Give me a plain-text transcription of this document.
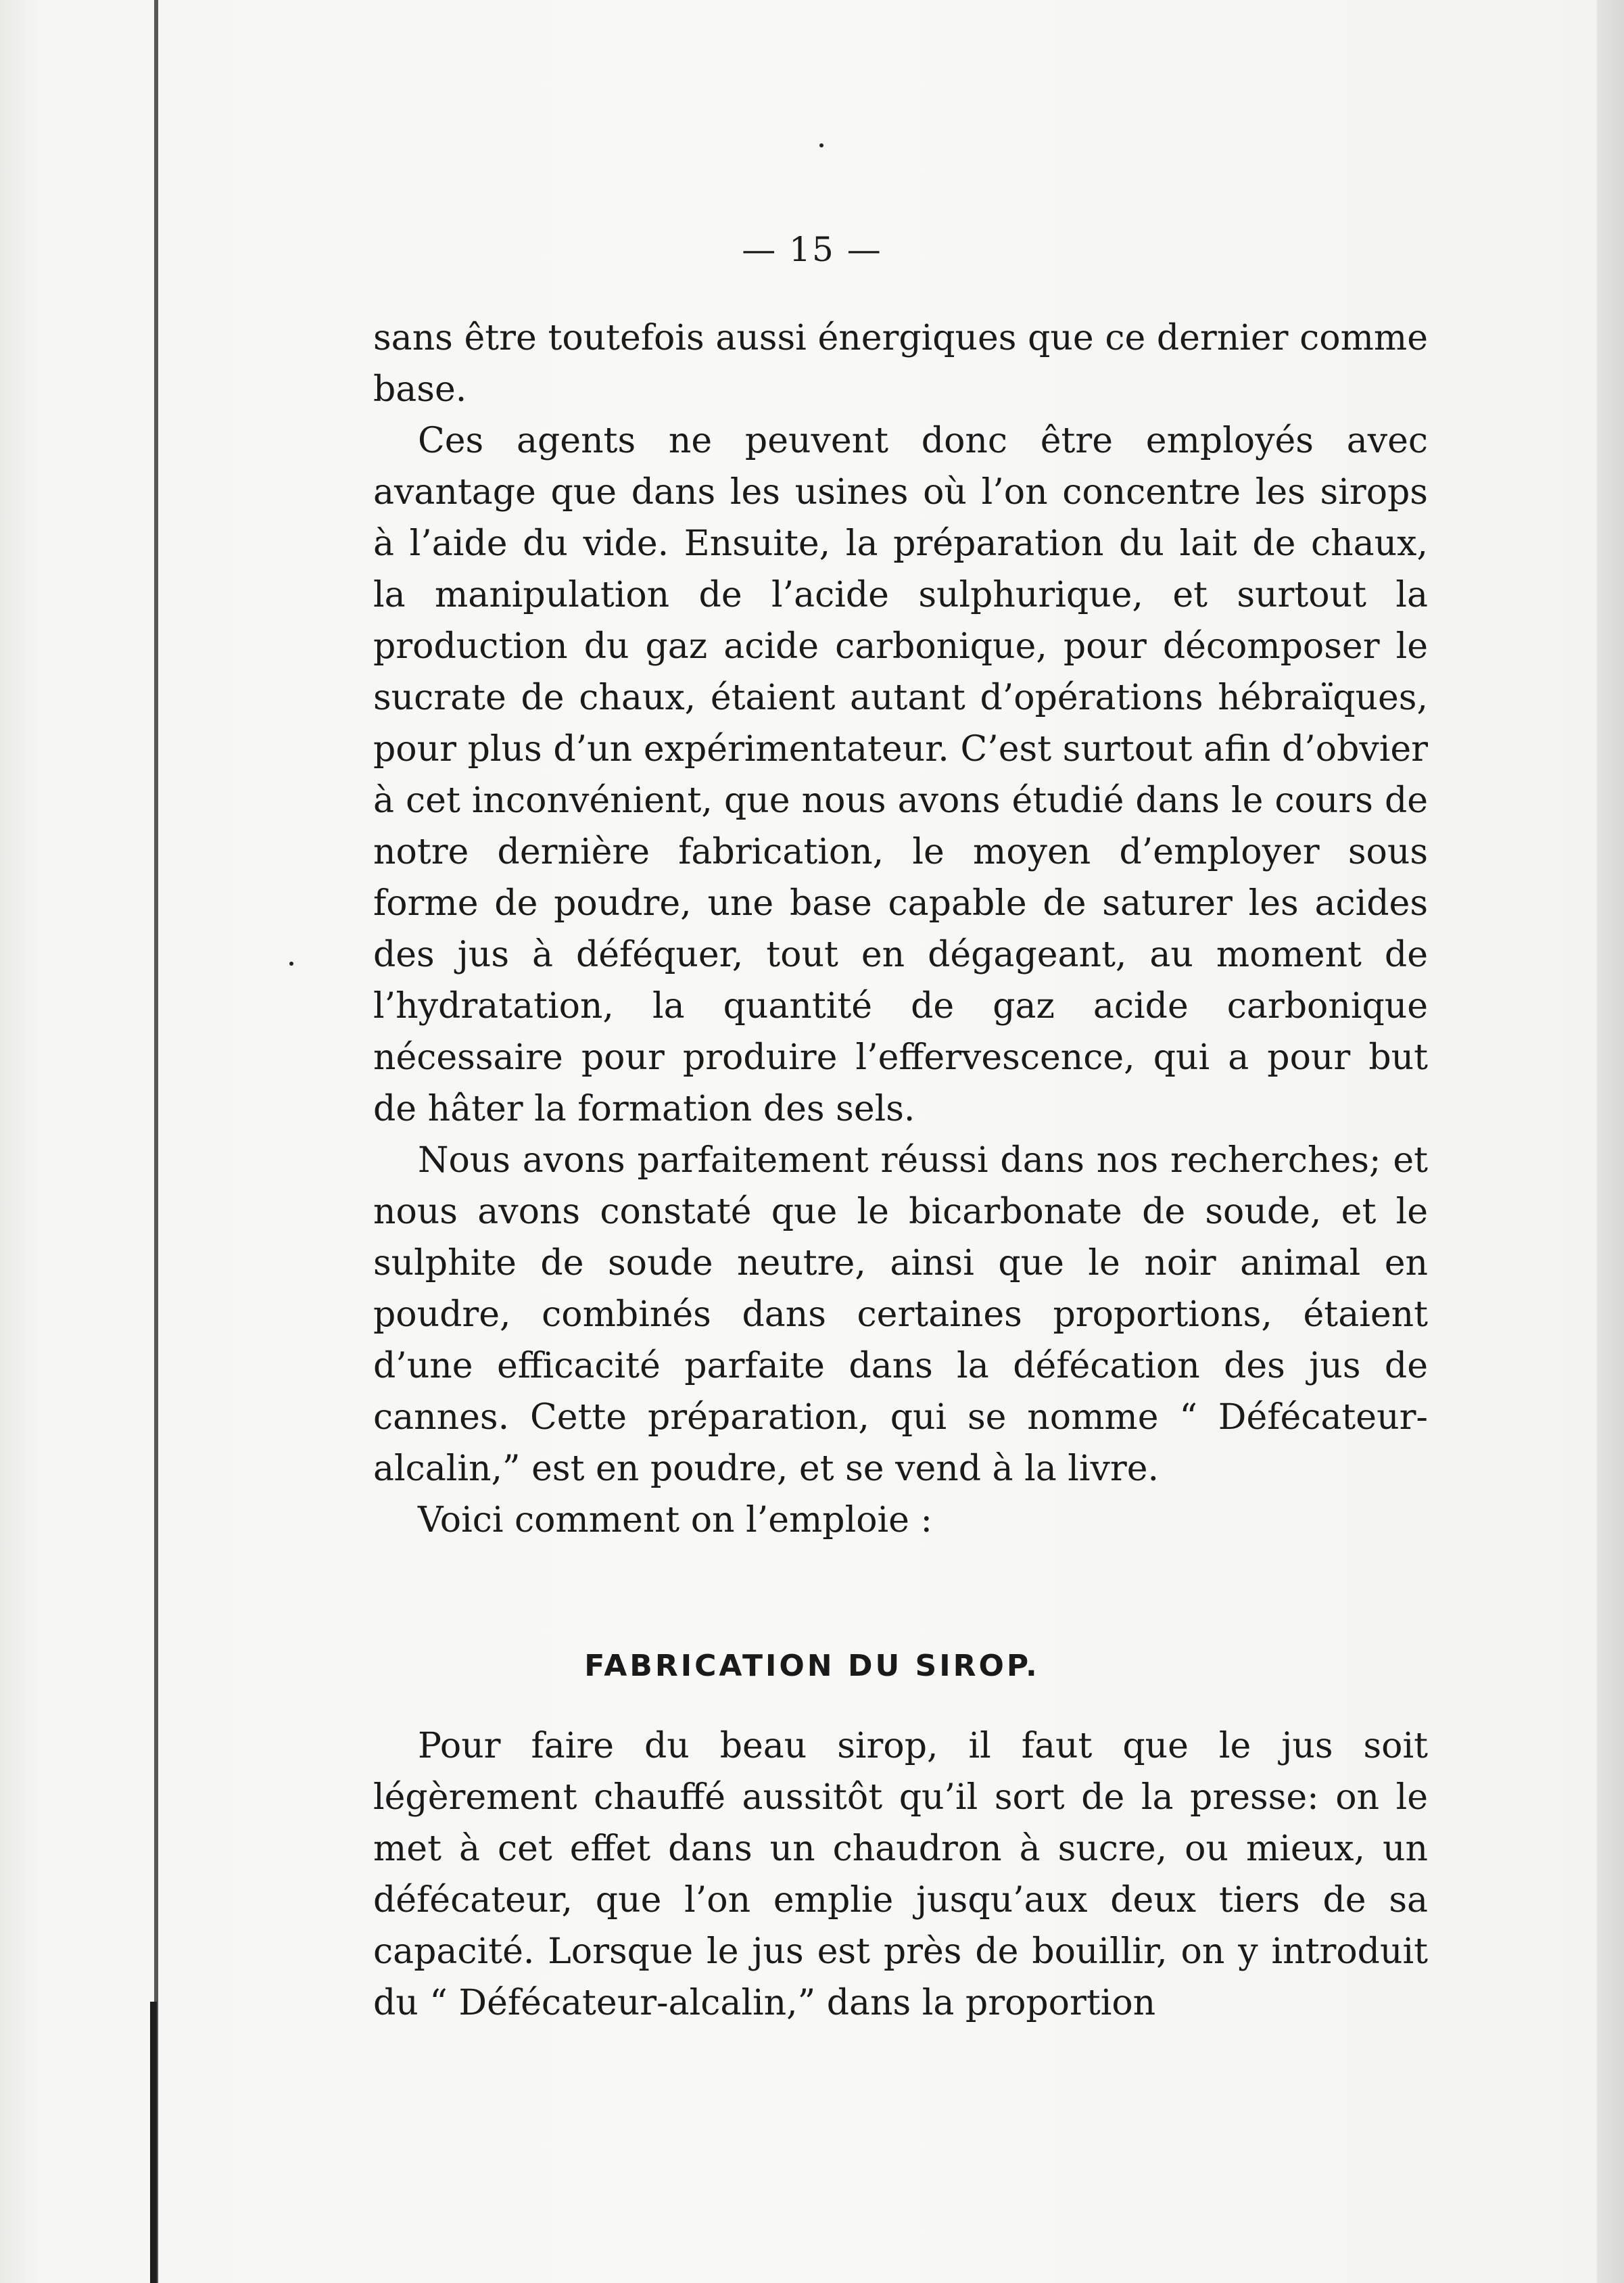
— 15 —

sans être toutefois aussi énergiques que ce dernier comme base.

Ces agents ne peuvent donc être employés avec avantage que dans les usines où l’on concentre les sirops à l’aide du vide. Ensuite, la préparation du lait de chaux, la manipulation de l’acide sulphurique, et surtout la production du gaz acide carbonique, pour décomposer le sucrate de chaux, étaient autant d’opérations hébraïques, pour plus d’un expérimentateur. C’est surtout afin d’obvier à cet inconvénient, que nous avons étudié dans le cours de notre dernière fabrication, le moyen d’employer sous forme de poudre, une base capable de saturer les acides des jus à déféquer, tout en dégageant, au moment de l’hydratation, la quantité de gaz acide carbonique nécessaire pour produire l’effervescence, qui a pour but de hâter la formation des sels.

Nous avons parfaitement réussi dans nos recherches; et nous avons constaté que le bicarbonate de soude, et le sulphite de soude neutre, ainsi que le noir animal en poudre, combinés dans certaines proportions, étaient d’une efficacité parfaite dans la défécation des jus de cannes. Cette préparation, qui se nomme “ Défécateur-alcalin,” est en poudre, et se vend à la livre.

Voici comment on l’emploie :

FABRICATION DU SIROP.

Pour faire du beau sirop, il faut que le jus soit légèrement chauffé aussitôt qu’il sort de la presse: on le met à cet effet dans un chaudron à sucre, ou mieux, un défécateur, que l’on emplie jusqu’aux deux tiers de sa capacité. Lorsque le jus est près de bouillir, on y introduit du “ Défécateur-alcalin,” dans la proportion
